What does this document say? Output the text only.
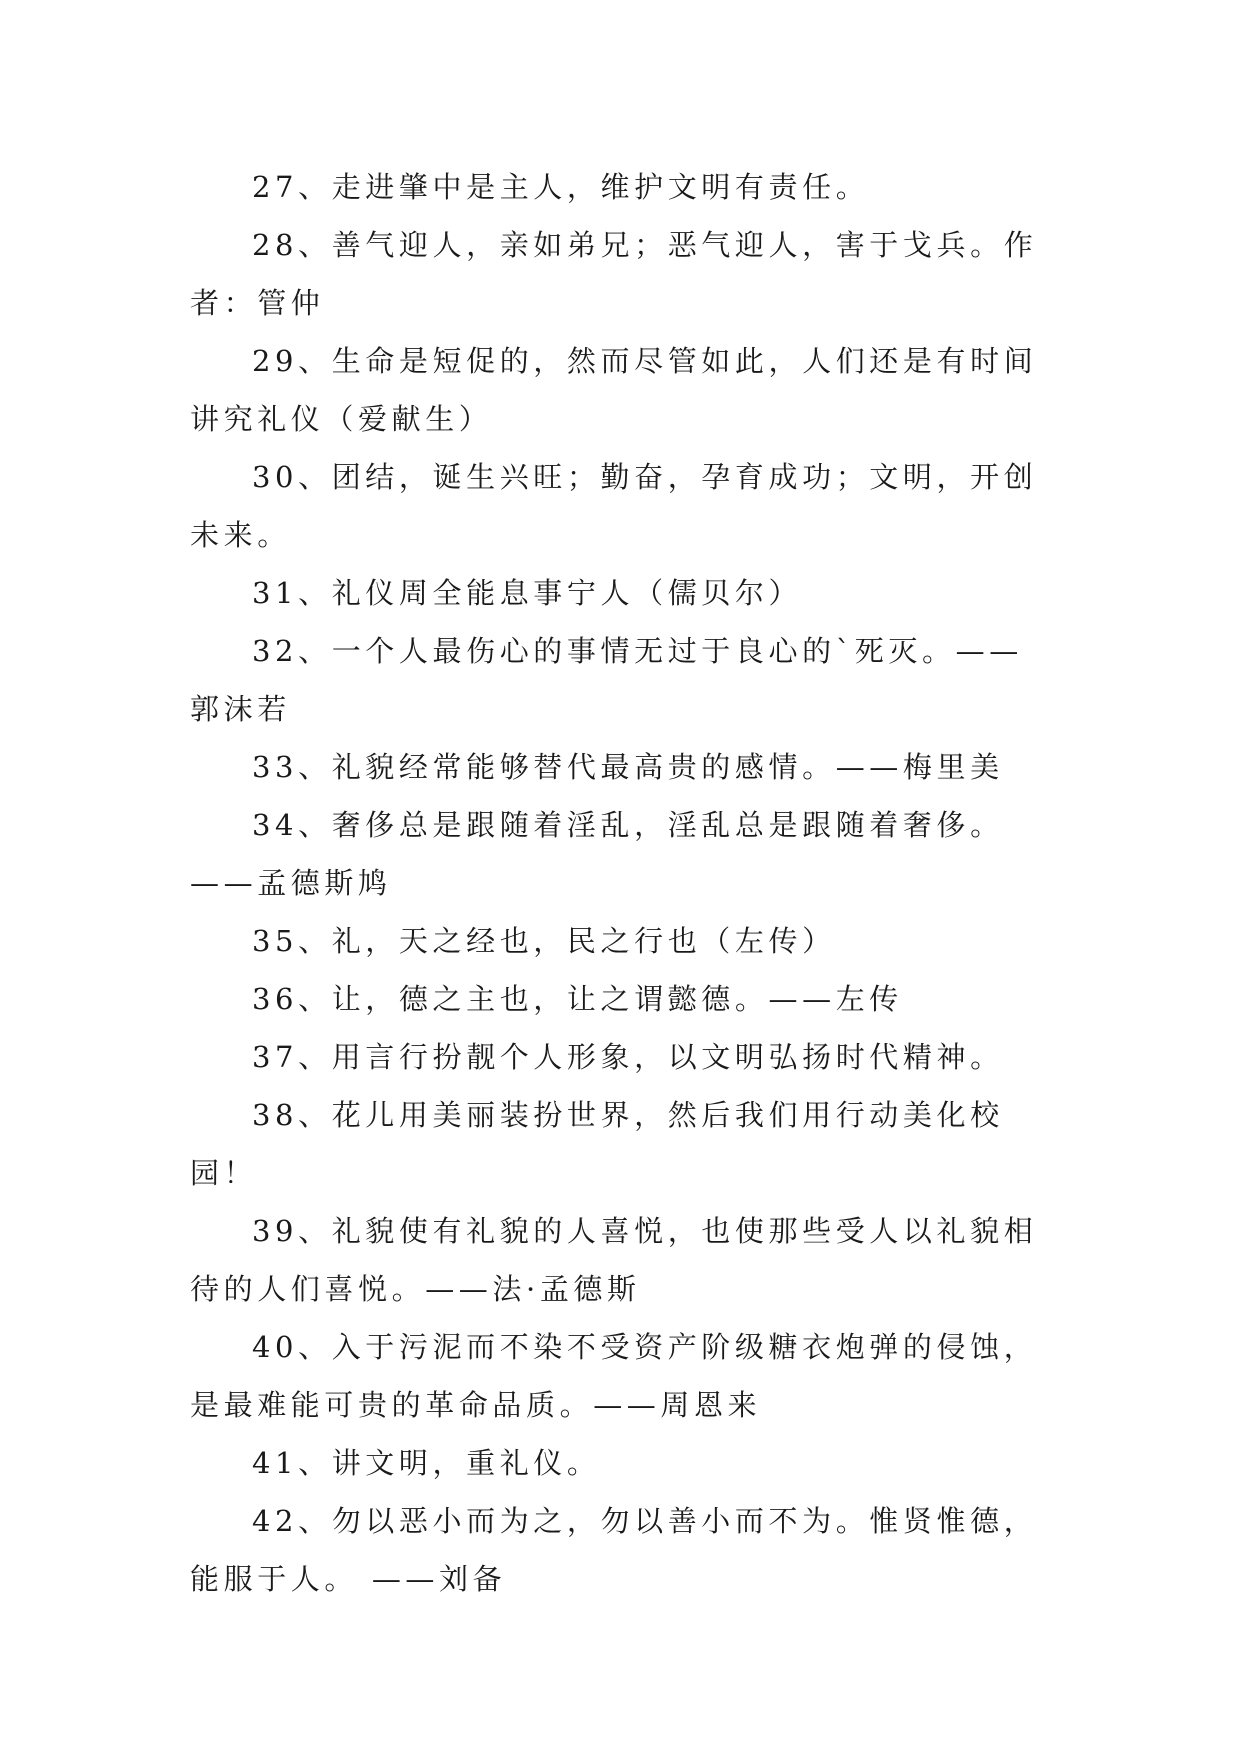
27、走进肇中是主人，维护文明有责任。

28、善气迎人，亲如弟兄；恶气迎人，害于戈兵。作者：管仲

29、生命是短促的，然而尽管如此，人们还是有时间讲究礼仪（爱献生）

30、团结，诞生兴旺；勤奋，孕育成功；文明，开创未来。

31、礼仪周全能息事宁人（儒贝尔）

32、一个人最伤心的事情无过于良心的`死灭。——郭沫若

33、礼貌经常能够替代最高贵的感情。——梅里美

34、奢侈总是跟随着淫乱，淫乱总是跟随着奢侈。——孟德斯鸠

35、礼，天之经也，民之行也（左传）

36、让，德之主也，让之谓懿德。——左传

37、用言行扮靓个人形象，以文明弘扬时代精神。

38、花儿用美丽装扮世界，然后我们用行动美化校园！

39、礼貌使有礼貌的人喜悦，也使那些受人以礼貌相待的人们喜悦。——法·孟德斯

40、入于污泥而不染不受资产阶级糖衣炮弹的侵蚀，是最难能可贵的革命品质。——周恩来

41、讲文明，重礼仪。

42、勿以恶小而为之，勿以善小而不为。惟贤惟德，能服于人。 ——刘备
